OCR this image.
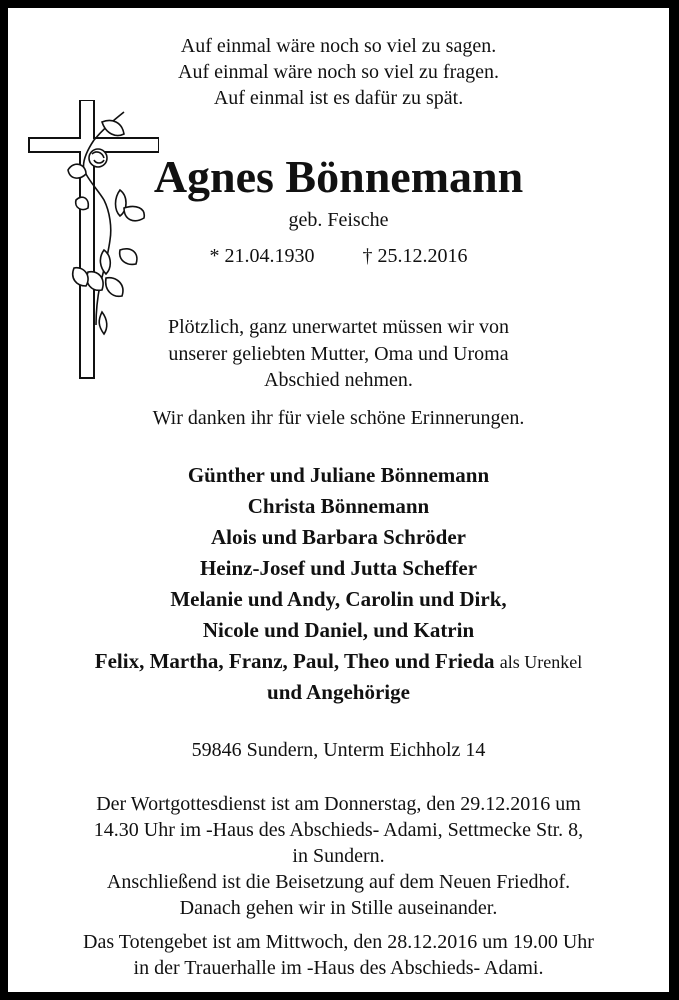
Auf einmal wäre noch so viel zu sagen.
Auf einmal wäre noch so viel zu fragen.
Auf einmal ist es dafür zu spät.
Agnes Bönnemann
geb. Feische
* 21.04.1930 † 25.12.2016
Plötzlich, ganz unerwartet müssen wir von
unserer geliebten Mutter, Oma und Uroma
Abschied nehmen.
Wir danken ihr für viele schöne Erinnerungen.
Günther und Juliane Bönnemann
Christa Bönnemann
Alois und Barbara Schröder
Heinz-Josef und Jutta Scheffer
Melanie und Andy, Carolin und Dirk,
Nicole und Daniel, und Katrin
Felix, Martha, Franz, Paul, Theo und Frieda als Urenkel
und Angehörige
59846 Sundern, Unterm Eichholz 14
Der Wortgottesdienst ist am Donnerstag, den 29.12.2016 um
14.30 Uhr im -Haus des Abschieds- Adami, Settmecke Str. 8,
in Sundern.
Anschließend ist die Beisetzung auf dem Neuen Friedhof.
Danach gehen wir in Stille auseinander.
Das Totengebet ist am Mittwoch, den 28.12.2016 um 19.00 Uhr
in der Trauerhalle im -Haus des Abschieds- Adami.
